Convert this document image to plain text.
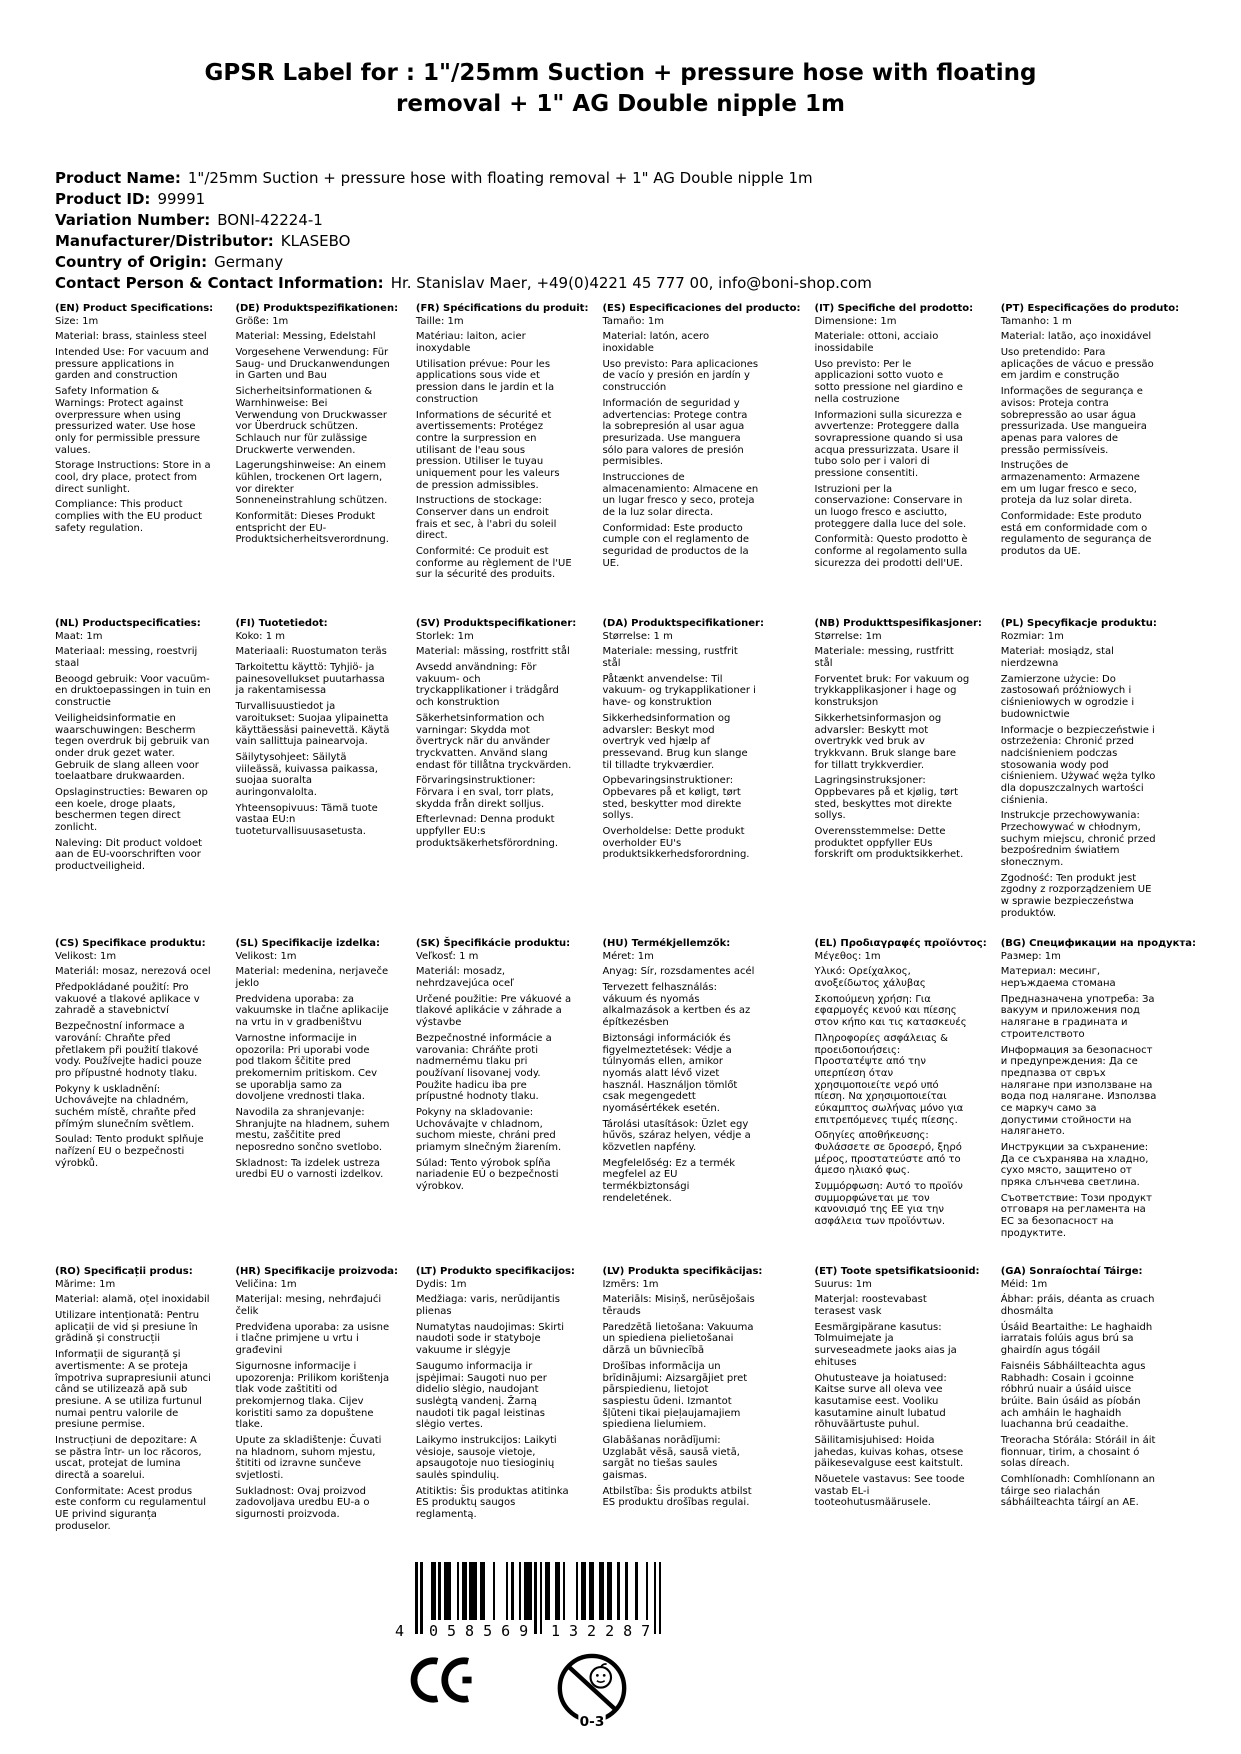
GPSR Label for : 1"/25mm Suction + pressure hose with floating removal + 1" AG Double nipple 1m
Product Name: 1"/25mm Suction + pressure hose with floating removal + 1" AG Double nipple 1m
Product ID: 99991
Variation Number: BONI-42224-1
Manufacturer/Distributor: KLASEBO
Country of Origin: Germany
Contact Person & Contact Information: Hr. Stanislav Maer, +49(0)4221 45 777 00, info@boni-shop.com
(EN) Product Specifications:

Size: 1m

Material: brass, stainless steel

Intended Use: For vacuum and pressure applications in garden and construction

Safety Information & Warnings: Protect against overpressure when using pressurized water. Use hose only for permissible pressure values.

Storage Instructions: Store in a cool, dry place, protect from direct sunlight.

Compliance: This product complies with the EU product safety regulation.

(DE) Produktspezifikationen:

Größe: 1m

Material: Messing, Edelstahl

Vorgesehene Verwendung: Für Saug- und Druckanwendungen in Garten und Bau

Sicherheitsinformationen & Warnhinweise: Bei Verwendung von Druckwasser vor Überdruck schützen. Schlauch nur für zulässige Druckwerte verwenden.

Lagerungshinweise: An einem kühlen, trockenen Ort lagern, vor direkter Sonneneinstrahlung schützen.

Konformität: Dieses Produkt entspricht der EU-Produktsicherheitsverordnung.

(FR) Spécifications du produit:

Taille: 1m

Matériau: laiton, acier inoxydable

Utilisation prévue: Pour les applications sous vide et pression dans le jardin et la construction

Informations de sécurité et avertissements: Protégez contre la surpression en utilisant de l'eau sous pression. Utiliser le tuyau uniquement pour les valeurs de pression admissibles.

Instructions de stockage: Conserver dans un endroit frais et sec, à l'abri du soleil direct.

Conformité: Ce produit est conforme au règlement de l'UE sur la sécurité des produits.

(ES) Especificaciones del producto:

Tamaño: 1m

Material: latón, acero inoxidable

Uso previsto: Para aplicaciones de vacío y presión en jardín y construcción

Información de seguridad y advertencias: Protege contra la sobrepresión al usar agua presurizada. Use manguera sólo para valores de presión permisibles.

Instrucciones de almacenamiento: Almacene en un lugar fresco y seco, proteja de la luz solar directa.

Conformidad: Este producto cumple con el reglamento de seguridad de productos de la UE.

(IT) Specifiche del prodotto:

Dimensione: 1m

Materiale: ottoni, acciaio inossidabile

Uso previsto: Per le applicazioni sotto vuoto e sotto pressione nel giardino e nella costruzione

Informazioni sulla sicurezza e avvertenze: Proteggere dalla sovrapressione quando si usa acqua pressurizzata. Usare il tubo solo per i valori di pressione consentiti.

Istruzioni per la conservazione: Conservare in un luogo fresco e asciutto, proteggere dalla luce del sole.

Conformità: Questo prodotto è conforme al regolamento sulla sicurezza dei prodotti dell'UE.

(PT) Especificações do produto:

Tamanho: 1 m

Material: latão, aço inoxidável

Uso pretendido: Para aplicações de vácuo e pressão em jardim e construção

Informações de segurança e avisos: Proteja contra sobrepressão ao usar água pressurizada. Use mangueira apenas para valores de pressão permissíveis.

Instruções de armazenamento: Armazene em um lugar fresco e seco, proteja da luz solar direta.

Conformidade: Este produto está em conformidade com o regulamento de segurança de produtos da UE.

(NL) Productspecificaties:

Maat: 1m

Materiaal: messing, roestvrij staal

Beoogd gebruik: Voor vacuüm- en druktoepassingen in tuin en constructie

Veiligheidsinformatie en waarschuwingen: Bescherm tegen overdruk bij gebruik van onder druk gezet water. Gebruik de slang alleen voor toelaatbare drukwaarden.

Opslaginstructies: Bewaren op een koele, droge plaats, beschermen tegen direct zonlicht.

Naleving: Dit product voldoet aan de EU-voorschriften voor productveiligheid.

(FI) Tuotetiedot:

Koko: 1 m

Materiaali: Ruostumaton teräs

Tarkoitettu käyttö: Tyhjiö- ja painesovellukset puutarhassa ja rakentamisessa

Turvallisuustiedot ja varoitukset: Suojaa ylipainetta käyttäessäsi painevettä. Käytä vain sallittuja painearvoja.

Säilytysohjeet: Säilytä viileässä, kuivassa paikassa, suojaa suoralta auringonvalolta.

Yhteensopivuus: Tämä tuote vastaa EU:n tuoteturvallisuusasetusta.

(SV) Produktspecifikationer:

Storlek: 1m

Material: mässing, rostfritt stål

Avsedd användning: För vakuum- och tryckapplikationer i trädgård och konstruktion

Säkerhetsinformation och varningar: Skydda mot övertryck när du använder tryckvatten. Använd slang endast för tillåtna tryckvärden.

Förvaringsinstruktioner: Förvara i en sval, torr plats, skydda från direkt solljus.

Efterlevnad: Denna produkt uppfyller EU:s produktsäkerhetsförordning.

(DA) Produktspecifikationer:

Størrelse: 1 m

Materiale: messing, rustfrit stål

Påtænkt anvendelse: Til vakuum- og trykapplikationer i have- og konstruktion

Sikkerhedsinformation og advarsler: Beskyt mod overtryk ved hjælp af pressevand. Brug kun slange til tilladte trykværdier.

Opbevaringsinstruktioner: Opbevares på et køligt, tørt sted, beskytter mod direkte sollys.

Overholdelse: Dette produkt overholder EU's produktsikkerhedsforordning.

(NB) Produkttspesifikasjoner:

Størrelse: 1m

Materiale: messing, rustfritt stål

Forventet bruk: For vakuum og trykkapplikasjoner i hage og konstruksjon

Sikkerhetsinformasjon og advarsler: Beskytt mot overtrykk ved bruk av trykkvann. Bruk slange bare for tillatt trykkverdier.

Lagringsinstruksjoner: Oppbevares på et kjølig, tørt sted, beskyttes mot direkte sollys.

Overensstemmelse: Dette produktet oppfyller EUs forskrift om produktsikkerhet.

(PL) Specyfikacje produktu:

Rozmiar: 1m

Materiał: mosiądz, stal nierdzewna

Zamierzone użycie: Do zastosowań próżniowych i ciśnieniowych w ogrodzie i budownictwie

Informacje o bezpieczeństwie i ostrzeżenia: Chronić przed nadciśnieniem podczas stosowania wody pod ciśnieniem. Używać węża tylko dla dopuszczalnych wartości ciśnienia.

Instrukcje przechowywania: Przechowywać w chłodnym, suchym miejscu, chronić przed bezpośrednim światłem słonecznym.

Zgodność: Ten produkt jest zgodny z rozporządzeniem UE w sprawie bezpieczeństwa produktów.

(CS) Specifikace produktu:

Velikost: 1m

Materiál: mosaz, nerezová ocel

Předpokládané použití: Pro vakuové a tlakové aplikace v zahradě a stavebnictví

Bezpečnostní informace a varování: Chraňte před přetlakem při použití tlakové vody. Používejte hadici pouze pro přípustné hodnoty tlaku.

Pokyny k uskladnění: Uchovávejte na chladném, suchém místě, chraňte před přímým slunečním světlem.

Soulad: Tento produkt splňuje nařízení EU o bezpečnosti výrobků.

(SL) Specifikacije izdelka:

Velikost: 1m

Material: medenina, nerjaveče jeklo

Predvidena uporaba: za vakuumske in tlačne aplikacije na vrtu in v gradbeništvu

Varnostne informacije in opozorila: Pri uporabi vode pod tlakom ščitite pred prekomernim pritiskom. Cev se uporablja samo za dovoljene vrednosti tlaka.

Navodila za shranjevanje: Shranjujte na hladnem, suhem mestu, zaščitite pred neposredno sončno svetlobo.

Skladnost: Ta izdelek ustreza uredbi EU o varnosti izdelkov.

(SK) Špecifikácie produktu:

Veľkosť: 1 m

Materiál: mosadz, nehrdzavejúca oceľ

Určené použitie: Pre vákuové a tlakové aplikácie v záhrade a výstavbe

Bezpečnostné informácie a varovania: Chráňte proti nadmernému tlaku pri používaní lisovanej vody. Použite hadicu iba pre prípustné hodnoty tlaku.

Pokyny na skladovanie: Uchovávajte v chladnom, suchom mieste, chráni pred priamym slnečným žiarením.

Súlad: Tento výrobok spĺňa nariadenie EÚ o bezpečnosti výrobkov.

(HU) Termékjellemzők:

Méret: 1m

Anyag: Sír, rozsdamentes acél

Tervezett felhasználás: vákuum és nyomás alkalmazások a kertben és az építkezésben

Biztonsági információk és figyelmeztetések: Védje a túlnyomás ellen, amikor nyomás alatt lévő vizet használ. Használjon tömlőt csak megengedett nyomásértékek esetén.

Tárolási utasítások: Üzlet egy hűvös, száraz helyen, védje a közvetlen napfény.

Megfelelőség: Ez a termék megfelel az EU termékbiztonsági rendeletének.

(EL) Προδιαγραφές προϊόντος:

Μέγεθος: 1m

Υλικό: Ορείχαλκος, ανοξείδωτος χάλυβας

Σκοπούμενη χρήση: Για εφαρμογές κενού και πίεσης στον κήπο και τις κατασκευές

Πληροφορίες ασφάλειας & προειδοποιήσεις: Προστατέψτε από την υπερπίεση όταν χρησιμοποιείτε νερό υπό πίεση. Να χρησιμοποιείται εύκαμπτος σωλήνας μόνο για επιτρεπόμενες τιμές πίεσης.

Οδηγίες αποθήκευσης: Φυλάσσετε σε δροσερό, ξηρό μέρος, προστατεύστε από το άμεσο ηλιακό φως.

Συμμόρφωση: Αυτό το προϊόν συμμορφώνεται με τον κανονισμό της ΕΕ για την ασφάλεια των προϊόντων.

(BG) Спецификации на продукта:

Размер: 1m

Материал: месинг, неръждаема стомана

Предназначена употреба: За вакуум и приложения под налягане в градината и строителството

Информация за безопасност и предупреждения: Да се предпазва от свръх налягане при използване на вода под налягане. Използва се маркуч само за допустими стойности на налягането.

Инструкции за съхранение: Да се съхранява на хладно, сухо място, защитено от пряка слънчева светлина.

Съответствие: Този продукт отговаря на регламента на ЕС за безопасност на продуктите.

(RO) Specificații produs:

Mărime: 1m

Material: alamă, oțel inoxidabil

Utilizare intenționată: Pentru aplicații de vid și presiune în grădină și construcții

Informații de siguranță și avertismente: A se proteja împotriva suprapresiunii atunci când se utilizează apă sub presiune. A se utiliza furtunul numai pentru valorile de presiune permise.

Instrucțiuni de depozitare: A se păstra într- un loc răcoros, uscat, protejat de lumina directă a soarelui.

Conformitate: Acest produs este conform cu regulamentul UE privind siguranța produselor.

(HR) Specifikacije proizvoda:

Veličina: 1m

Materijal: mesing, nehrđajući čelik

Predviđena uporaba: za usisne i tlačne primjene u vrtu i građevini

Sigurnosne informacije i upozorenja: Prilikom korištenja tlak vode zaštititi od prekomjernog tlaka. Cijev koristiti samo za dopuštene tlake.

Upute za skladištenje: Čuvati na hladnom, suhom mjestu, štititi od izravne sunčeve svjetlosti.

Sukladnost: Ovaj proizvod zadovoljava uredbu EU-a o sigurnosti proizvoda.

(LT) Produkto specifikacijos:

Dydis: 1m

Medžiaga: varis, nerūdijantis plienas

Numatytas naudojimas: Skirti naudoti sode ir statyboje vakuume ir slėgyje

Saugumo informacija ir įspėjimai: Saugoti nuo per didelio slėgio, naudojant suslėgtą vandenį. Žarną naudoti tik pagal leistinas slėgio vertes.

Laikymo instrukcijos: Laikyti vėsioje, sausoje vietoje, apsaugotoje nuo tiesioginių saulės spindulių.

Atitiktis: Šis produktas atitinka ES produktų saugos reglamentą.

(LV) Produkta specifikācijas:

Izmērs: 1m

Materiāls: Misiņš, nerūsējošais tērauds

Paredzētā lietošana: Vakuuma un spiediena pielietošanai dārzā un būvniecībā

Drošības informācija un brīdinājumi: Aizsargājiet pret pārspiedienu, lietojot saspiestu ūdeni. Izmantot šļūteni tikai pieļaujamajiem spiediena lielumiem.

Glabāšanas norādījumi: Uzglabāt vēsā, sausā vietā, sargāt no tiešas saules gaismas.

Atbilstība: Šis produkts atbilst ES produktu drošības regulai.

(ET) Toote spetsifikatsioonid:

Suurus: 1m

Materjal: roostevabast terasest vask

Eesmärgipärane kasutus: Tolmuimejate ja surveseadmete jaoks aias ja ehituses

Ohutusteave ja hoiatused: Kaitse surve all oleva vee kasutamise eest. Vooliku kasutamine ainult lubatud rõhuväärtuste puhul.

Säilitamisjuhised: Hoida jahedas, kuivas kohas, otsese päikesevalguse eest kaitstult.

Nõuetele vastavus: See toode vastab EL-i tooteohutusmäärusele.

(GA) Sonraíochtaí Táirge:

Méid: 1m

Ábhar: práis, déanta as cruach dhosmálta

Úsáid Beartaithe: Le haghaidh iarratais folúis agus brú sa ghairdín agus tógáil

Faisnéis Sábháilteachta agus Rabhadh: Cosain i gcoinne róbhrú nuair a úsáid uisce brúite. Bain úsáid as píobán ach amháin le haghaidh luachanna brú ceadaithe.

Treoracha Stórála: Stóráil in áit fionnuar, tirim, a chosaint ó solas díreach.

Comhlíonadh: Comhlíonann an táirge seo rialachán sábháilteachta táirgí an AE.

4 058569 132287
0-3
